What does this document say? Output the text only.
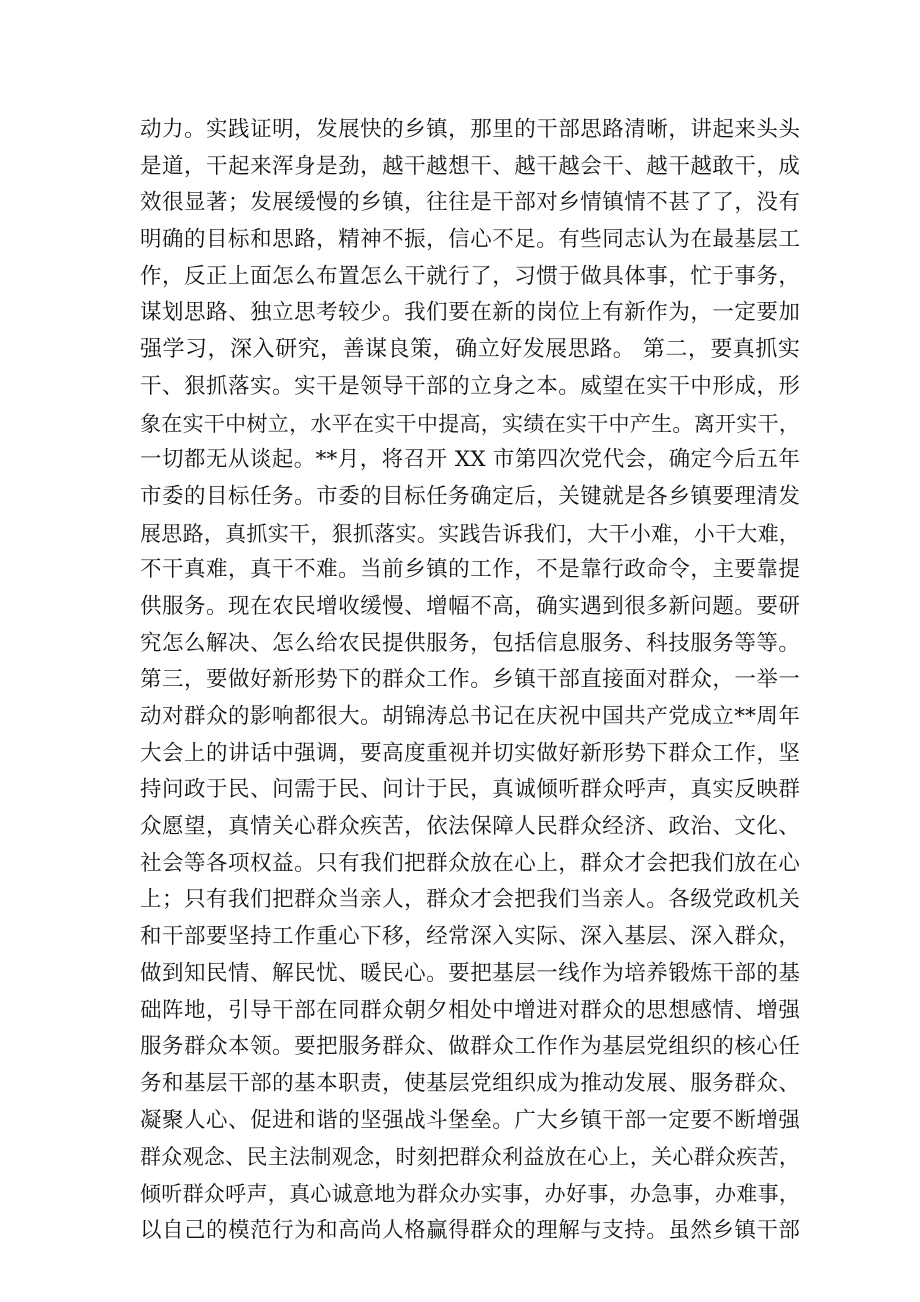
动力。实践证明，发展快的乡镇，那里的干部思路清晰，讲起来头头
是道，干起来浑身是劲，越干越想干、越干越会干、越干越敢干，成
效很显著；发展缓慢的乡镇，往往是干部对乡情镇情不甚了了，没有
明确的目标和思路，精神不振，信心不足。有些同志认为在最基层工
作，反正上面怎么布置怎么干就行了，习惯于做具体事，忙于事务，
谋划思路、独立思考较少。我们要在新的岗位上有新作为，一定要加
强学习，深入研究，善谋良策，确立好发展思路。 第二，要真抓实
干、狠抓落实。实干是领导干部的立身之本。威望在实干中形成，形
象在实干中树立，水平在实干中提高，实绩在实干中产生。离开实干，
一切都无从谈起。**月，将召开 XX 市第四次党代会，确定今后五年
市委的目标任务。市委的目标任务确定后，关键就是各乡镇要理清发
展思路，真抓实干，狠抓落实。实践告诉我们，大干小难，小干大难，
不干真难，真干不难。当前乡镇的工作，不是靠行政命令，主要靠提
供服务。现在农民增收缓慢、增幅不高，确实遇到很多新问题。要研
究怎么解决、怎么给农民提供服务，包括信息服务、科技服务等等。
第三，要做好新形势下的群众工作。乡镇干部直接面对群众，一举一
动对群众的影响都很大。胡锦涛总书记在庆祝中国共产党成立**周年
大会上的讲话中强调，要高度重视并切实做好新形势下群众工作，坚
持问政于民、问需于民、问计于民，真诚倾听群众呼声，真实反映群
众愿望，真情关心群众疾苦，依法保障人民群众经济、政治、文化、
社会等各项权益。只有我们把群众放在心上，群众才会把我们放在心
上；只有我们把群众当亲人，群众才会把我们当亲人。各级党政机关
和干部要坚持工作重心下移，经常深入实际、深入基层、深入群众，
做到知民情、解民忧、暖民心。要把基层一线作为培养锻炼干部的基
础阵地，引导干部在同群众朝夕相处中增进对群众的思想感情、增强
服务群众本领。要把服务群众、做群众工作作为基层党组织的核心任
务和基层干部的基本职责，使基层党组织成为推动发展、服务群众、
凝聚人心、促进和谐的坚强战斗堡垒。广大乡镇干部一定要不断增强
群众观念、民主法制观念，时刻把群众利益放在心上，关心群众疾苦，
倾听群众呼声，真心诚意地为群众办实事，办好事，办急事，办难事，
以自己的模范行为和高尚人格赢得群众的理解与支持。虽然乡镇干部
